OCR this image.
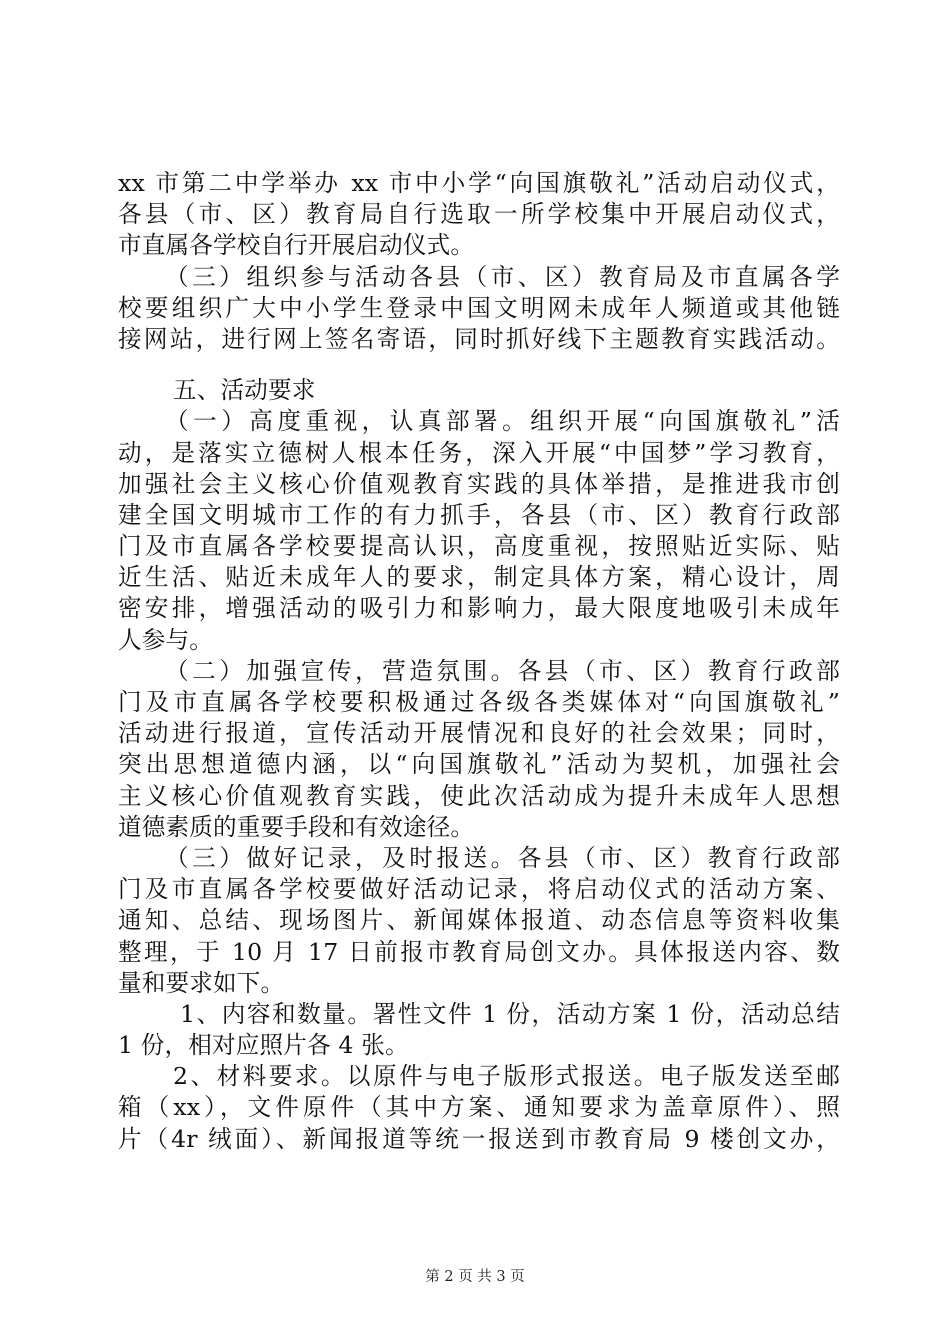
xx 市第二中学举办 xx 市中小学“向国旗敬礼”活动启动仪式，
各县（市、区）教育局自行选取一所学校集中开展启动仪式，
市直属各学校自行开展启动仪式。
（三）组织参与活动各县（市、区）教育局及市直属各学
校要组织广大中小学生登录中国文明网未成年人频道或其他链
接网站，进行网上签名寄语，同时抓好线下主题教育实践活动。
五、活动要求
（一）高度重视，认真部署。组织开展“向国旗敬礼”活
动，是落实立德树人根本任务，深入开展“中国梦”学习教育，
加强社会主义核心价值观教育实践的具体举措，是推进我市创
建全国文明城市工作的有力抓手，各县（市、区）教育行政部
门及市直属各学校要提高认识，高度重视，按照贴近实际、贴
近生活、贴近未成年人的要求，制定具体方案，精心设计，周
密安排，增强活动的吸引力和影响力，最大限度地吸引未成年
人参与。
（二）加强宣传，营造氛围。各县（市、区）教育行政部
门及市直属各学校要积极通过各级各类媒体对“向国旗敬礼”
活动进行报道，宣传活动开展情况和良好的社会效果；同时，
突出思想道德内涵，以“向国旗敬礼”活动为契机，加强社会
主义核心价值观教育实践，使此次活动成为提升未成年人思想
道德素质的重要手段和有效途径。
（三）做好记录，及时报送。各县（市、区）教育行政部
门及市直属各学校要做好活动记录，将启动仪式的活动方案、
通知、总结、现场图片、新闻媒体报道、动态信息等资料收集
整理，于 10 月 17 日前报市教育局创文办。具体报送内容、数
量和要求如下。
1、内容和数量。署性文件 1 份，活动方案 1 份，活动总结
1 份，相对应照片各 4 张。
2、材料要求。以原件与电子版形式报送。电子版发送至邮
箱（xx），文件原件（其中方案、通知要求为盖章原件）、照
片（4r 绒面）、新闻报道等统一报送到市教育局 9 楼创文办，
第 2 页 共 3 页
